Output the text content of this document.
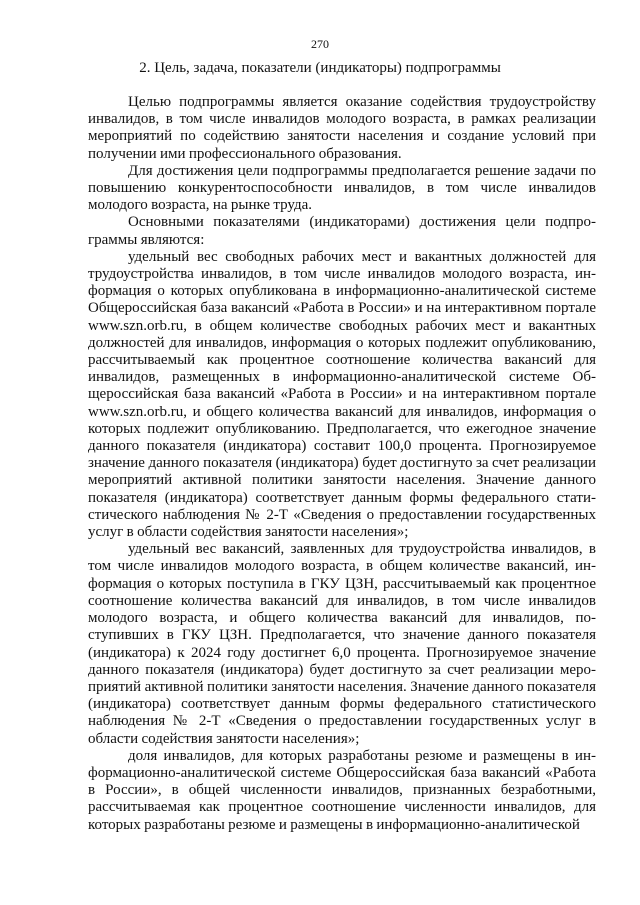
270
2. Цель, задача, показатели (индикаторы) подпрограммы

Целью подпрограммы является оказание содействия трудоустройству инвалидов, в том числе инвалидов молодого возраста, в рамках реализации мероприятий по содействию занятости населения и создание условий при получении ими профессионального образования.

Для достижения цели подпрограммы предполагается решение задачи по повышению конкурентоспособности инвалидов, в том числе инвалидов молодого возраста, на рынке труда.

Основными показателями (индикаторами) достижения цели подпрограммы являются:

удельный вес свободных рабочих мест и вакантных должностей для трудоустройства инвалидов, в том числе инвалидов молодого возраста, информация о которых опубликована в информационно-аналитической системе Общероссийская база вакансий «Работа в России» и на интерактивном портале www.szn.orb.ru, в общем количестве свободных рабочих мест и вакантных должностей для инвалидов, информация о которых подлежит опубликованию, рассчитываемый как процентное соотношение количества вакансий для инвалидов, размещенных в информационно-аналитической системе Общероссийская база вакансий «Работа в России» и на интерактивном портале www.szn.orb.ru, и общего количества вакансий для инвалидов, информация о которых подлежит опубликованию. Предполагается, что ежегодное значение данного показателя (индикатора) составит 100,0 процента. Прогнозируемое значение данного показателя (индикатора) будет достигнуто за счет реализации мероприятий активной политики занятости населения. Значение данного показателя (индикатора) соответствует данным формы федерального статистического наблюдения № 2-Т «Сведения о предоставлении государственных услуг в области содействия занятости населения»;

удельный вес вакансий, заявленных для трудоустройства инвалидов, в том числе инвалидов молодого возраста, в общем количестве вакансий, информация о которых поступила в ГКУ ЦЗН, рассчитываемый как процентное соотношение количества вакансий для инвалидов, в том числе инвалидов молодого возраста, и общего количества вакансий для инвалидов, поступивших в ГКУ ЦЗН. Предполагается, что значение данного показателя (индикатора) к 2024 году достигнет 6,0 процента. Прогнозируемое значение данного показателя (индикатора) будет достигнуто за счет реализации мероприятий активной политики занятости населения. Значение данного показателя (индикатора) соответствует данным формы федерального статистического наблюдения № 2-Т «Сведения о предоставлении государственных услуг в области содействия занятости населения»;

доля инвалидов, для которых разработаны резюме и размещены в информационно-аналитической системе Общероссийская база вакансий «Работа в России», в общей численности инвалидов, признанных безработными, рассчитываемая как процентное соотношение численности инвалидов, для которых разработаны резюме и размещены в информационно-аналитической
